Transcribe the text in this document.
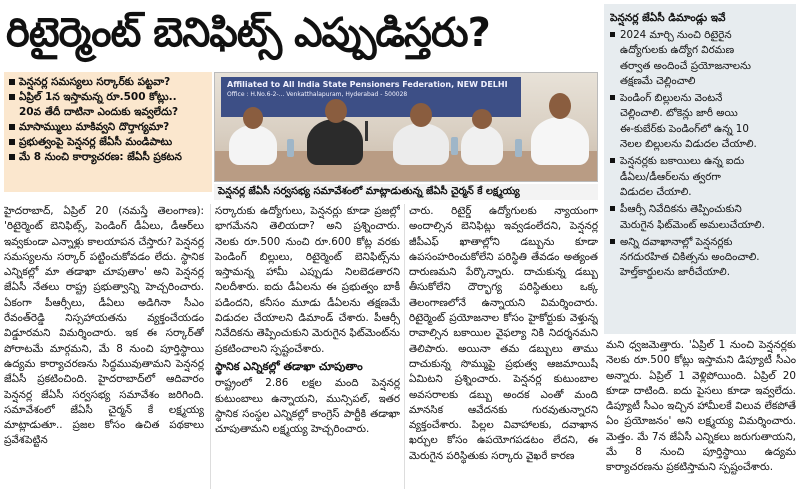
రిటైర్మెంట్ బెనిఫిట్స్ ఎప్పుడిస్తరు?
పెన్షనర్ల సమస్యలు సర్కార్‌కు పట్టవా?
ఏప్రిల్ 1న ఇస్తామన్న రూ.500 కోట్లు..
20వ తేదీ దాటినా ఎందుకు ఇవ్వలేదు?
మాసామ్ములు మాకివ్వని దొర్తాగ్యమా?
ప్రభుత్వంపై పెన్షనర్ల జేఏసీ మండిపాటు
మే 8 నుంచి కార్యాచరణ: జేఏసీ ప్రకటన
Affiliated to All India State Pensioners Federation, NEW DELHI
Office : H.No.6-2-... Venkatthalapuram, Hyderabad - 500028
పెన్షనర్ల జేఏసీ సర్వసభ్య సమావేశంలో మాట్లాడుతున్న జేఏసీ చైర్మన్ కే లక్ష్మయ్య

హైదరాబాద్, ఏప్రిల్ 20 (నమస్తే తెలంగాణ): 'రిటైర్మెంట్ బెనిఫిట్స్, పెండింగ్ డీఏలు, డీఆర్‌లు ఇవ్వకుండా ఎన్నాళ్లు కాలయాపన చేస్తారు? పెన్షనర్ల సమస్యలను సర్కార్ పట్టించుకోవడం లేదు. స్థానిక ఎన్నికల్లో మా తడాఖా చూపుతాం' అని పెన్షనర్ల జేఏసీ నేతలు రాష్ట్ర ప్రభుత్వాన్ని హెచ్చరించారు. ఏకంగా పీఆర్సీలు, డీఏలు అడిగినా సీఎం రేవంత్‌రెడ్డి నిస్సహాయతను వ్యక్తంచేయడం విడ్డూరమని విమర్శించారు. ఇక ఈ సర్కార్‌తో పోరాటమే మార్గమని, మే 8 నుంచి పూర్తిస్థాయి ఉద్యమ కార్యాచరణను సిద్ధమువుతామని పెన్షనర్ల జేఏసీ ప్రకటించింది. హైదరాబాద్‌లో ఆదివారం పెన్షనర్ల జేఏసీ సర్వసభ్య సమావేశం జరిగింది. సమావేశంలో జేఏసీ చైర్మన్ కే లక్ష్మయ్య మాట్లాడుతూ.. ప్రజల కోసం ఉచిత పథకాలు ప్రవేశపెట్టిన

సర్కారుకు ఉద్యోగులు, పెన్షనర్లు కూడా ప్రజల్లో భాగమేనని తెలియదా? అని ప్రశ్నించారు. నెలకు రూ.500 నుంచి రూ.600 కోట్ల వరకు పెండింగ్ బిల్లులు, రిటైర్మెంట్ బెనిఫిట్స్‌ను ఇస్తామన్న హామీ ఎప్పుడు నిలబెడతారని నిలదీశారు. ఐదు డీఏలను ఈ ప్రభుత్వం బాకీ పడిందని, కనీసం మూడు డీఏలను తక్షణమే విడుదల చేయాలని డిమాండ్ చేశారు. పీఆర్సీ నివేదికను తెప్పించుకుని మెరుగైన ఫిట్‌మెంట్‌ను ప్రకటించాలని స్పష్టంచేశారు.

స్థానిక ఎన్నికల్లో తడాఖా చూపుతాం

రాష్ట్రంలో 2.86 లక్షల మంది పెన్షనర్ల కుటుంబాలు ఉన్నాయని, మున్సిపల్, ఇతర స్థానిక సంస్థల ఎన్నికల్లో కాంగ్రెస్ పార్టీకి తడాఖా చూపుతామని లక్ష్మయ్య హెచ్చరించారు.

చారు. రిటైర్డ్ ఉద్యోగులకు న్యాయంగా అందాల్సిన బెనిఫిట్లు ఇవ్వడంలేదని, పెన్షనర్ల జీపీఎఫ్ ఖాతాల్లోని డబ్బును కూడా ఉపసంహరించుకోలేని పరిస్థితి తేవడం అత్యంత దారుణమని పేర్కొన్నారు. దాచుకున్న డబ్బు తీసుకోలేని దౌర్భాగ్య పరిస్థితులు ఒక్క తెలంగాణలోనే ఉన్నాయని విమర్శించారు. రిటైర్మెంట్ ప్రయోజనాల కోసం హైకోర్టుకు వెళ్తున్న రావాల్సిన బకాయిల వైఫల్యా నికి నిదర్శనమని తెలిపారు. అయినా తమ డబ్బులు తాము దాచుకున్న సొమ్ముపై ప్రభుత్వ ఆజమాయిషీ ఏమిటని ప్రశ్నించారు. పెన్షనర్ల కుటుంబాల అవసరాలకు డబ్బు అందక ఎంతో మంది మానసిక ఆవేదనకు గురవుతున్నారని వ్యక్తంచేశారు. పిల్లల వివాహాలకు, దవాఖాన ఖర్చుల కోసం ఉపయోగపడటం లేదని, ఈ మెరుగైన పరిస్థితుకు సర్కారు వైఖరే కారణ

పెన్షనర్ల జేఏసీ డిమాండ్లు ఇవే
2024 మార్చి నుంచి రిటైరైన
ఉద్యోగులకు ఉద్యోగ విరమణ
తర్వాత అందించే ప్రయోజనాలను
తక్షణమే చెల్లించాలి
పెండింగ్ బిల్లులను వెంటనే
చెల్లించాలి. టోకెన్లు జారీ అయి
ఈ-కుబేర్‌కు పెండింగ్‌లో ఉన్న 10
నెలల బిల్లులను విడుదల చేయాలి.
పెన్షనర్లకు బకాయిలు ఉన్న ఐదు
డీఏలు/డీఆర్‌లను త్వరగా
విడుదల చేయాలి.
పీఆర్సీ నివేదికను తెప్పించుకుని
మెరుగైన ఫిట్‌మెంట్ అమలుచేయాలి.
అన్ని దవాఖానాల్లో పెన్షనర్లకు
నగదురహిత చికిత్సను అందించాలి.
హెల్త్‌కార్డులను జారీచేయాలి.

మని ధ్వజమెత్తారు. 'ఏప్రిల్ 1 నుంచి పెన్షనర్లకు నెలకు రూ.500 కోట్లు ఇస్తామని డిప్యూటీ సీఎం అన్నారు. ఏప్రిల్ 1 వెళ్లిపోయింది. ఏప్రిల్ 20 కూడా దాటింది. ఐదు పైసలు కూడా ఇవ్వలేదు. డిప్యూటీ సీఎం ఇచ్చిన హామీలకే విలువ లేకపోతే ఏం ప్రయోజనం' అని లక్ష్మయ్య విమర్శించారు. మెత్తం. మే 7న జేఏసీ ఎన్నికలు జరుగుతాయని, మే 8 నుంచి పూర్తిస్థాయి ఉద్యమ కార్యాచరణను ప్రకటిస్తామని స్పష్టంచేశారు.
